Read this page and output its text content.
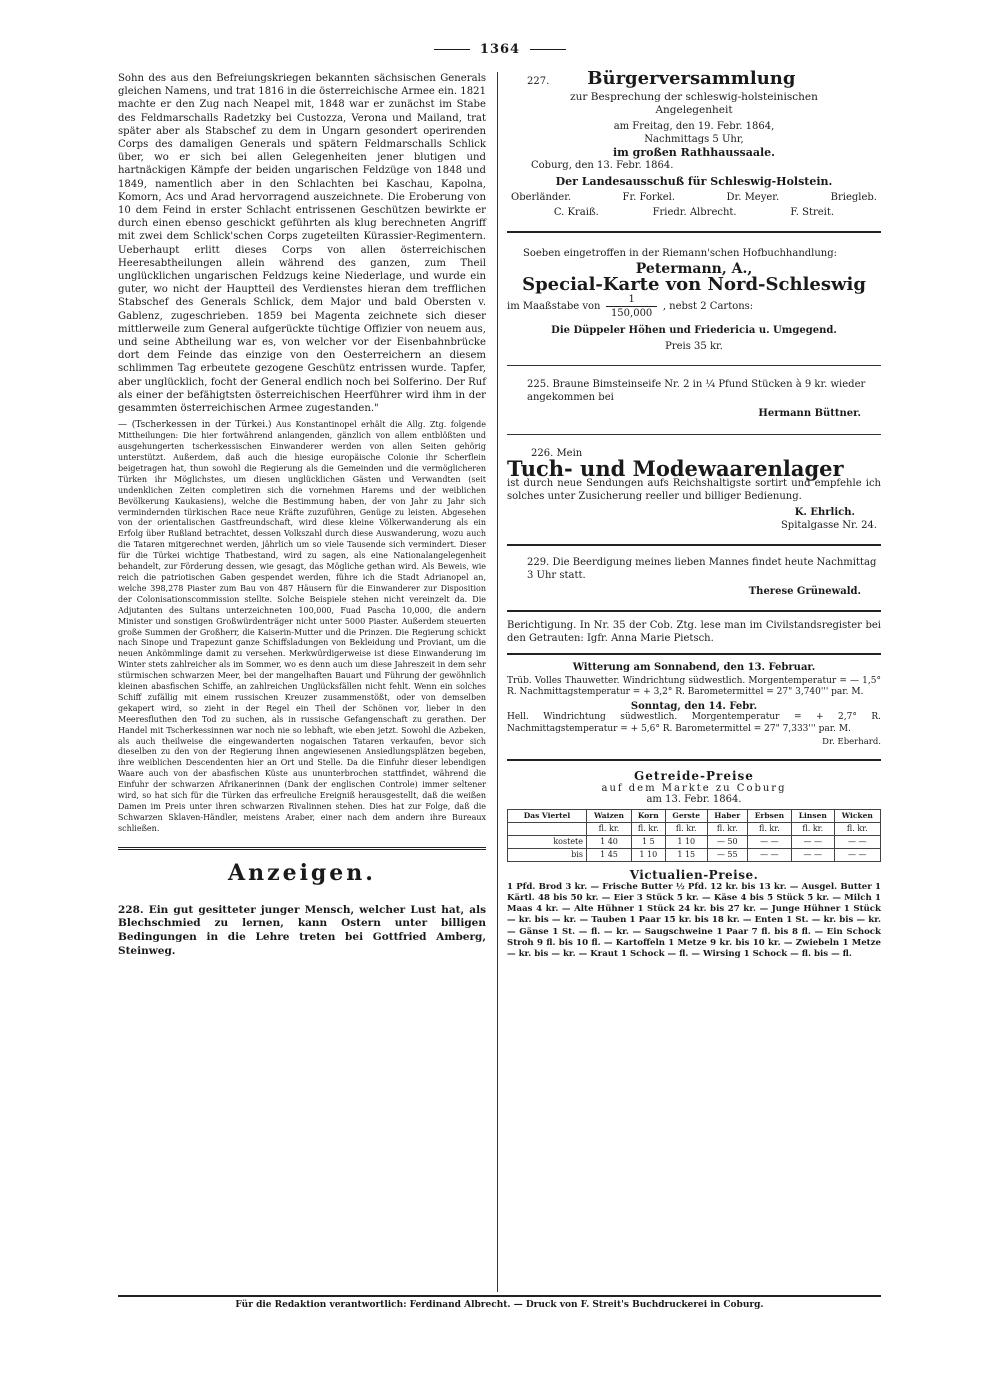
1364

Sohn des aus den Befreiungskriegen bekannten sächsischen Generals gleichen Namens, und trat 1816 in die österreichische Armee ein. 1821 machte er den Zug nach Neapel mit, 1848 war er zunächst im Stabe des Feldmarschalls Radetzky bei Custozza, Verona und Mailand, trat später aber als Stabschef zu dem in Ungarn gesondert operirenden Corps des damaligen Generals und spätern Feldmarschalls Schlick über, wo er sich bei allen Gelegenheiten jener blutigen und hartnäckigen Kämpfe der beiden ungarischen Feldzüge von 1848 und 1849, namentlich aber in den Schlachten bei Kaschau, Kapolna, Komorn, Acs und Arad hervorragend auszeichnete. Die Eroberung von 10 dem Feind in erster Schlacht entrissenen Geschützen bewirkte er durch einen ebenso geschickt geführten als klug berechneten Angriff mit zwei dem Schlick'schen Corps zugeteilten Kürassier-Regimentern. Ueberhaupt erlitt dieses Corps von allen österreichischen Heeresabtheilungen allein während des ganzen, zum Theil unglücklichen ungarischen Feldzugs keine Niederlage, und wurde ein guter, wo nicht der Hauptteil des Verdienstes hieran dem trefflichen Stabschef des Generals Schlick, dem Major und bald Obersten v. Gablenz, zugeschrieben. 1859 bei Magenta zeichnete sich dieser mittlerweile zum General aufgerückte tüchtige Offizier von neuem aus, und seine Abtheilung war es, von welcher vor der Eisenbahnbrücke dort dem Feinde das einzige von den Oesterreichern an diesem schlimmen Tag erbeutete gezogene Geschütz entrissen wurde. Tapfer, aber unglücklich, focht der General endlich noch bei Solferino. Der Ruf als einer der befähigtsten österreichischen Heerführer wird ihm in der gesammten österreichischen Armee zugestanden."

— (Tscherkessen in der Türkei.) Aus Konstantinopel erhält die Allg. Ztg. folgende Mittheilungen: Die hier fortwährend anlangenden, gänzlich von allem entblößten und ausgehungerten tscherkessischen Einwanderer werden von allen Seiten gehörig unterstützt. Außerdem, daß auch die hiesige europäische Colonie ihr Scherflein beigetragen hat, thun sowohl die Regierung als die Gemeinden und die vermöglicheren Türken ihr Möglichstes, um diesen unglücklichen Gästen und Verwandten (seit undenklichen Zeiten completiren sich die vornehmen Harems und der weiblichen Bevölkerung Kaukasiens), welche die Bestimmung haben, der von Jahr zu Jahr sich vermindernden türkischen Race neue Kräfte zuzuführen, Genüge zu leisten. Abgesehen von der orientalischen Gastfreundschaft, wird diese kleine Völkerwanderung als ein Erfolg über Rußland betrachtet, dessen Volkszahl durch diese Auswanderung, wozu auch die Tataren mitgerechnet werden, jährlich um so viele Tausende sich vermindert. Dieser für die Türkei wichtige Thatbestand, wird zu sagen, als eine Nationalangelegenheit behandelt, zur Förderung dessen, wie gesagt, das Mögliche gethan wird. Als Beweis, wie reich die patriotischen Gaben gespendet werden, führe ich die Stadt Adrianopel an, welche 398,278 Piaster zum Bau von 487 Häusern für die Einwanderer zur Disposition der Colonisationscommission stellte. Solche Beispiele stehen nicht vereinzelt da. Die Adjutanten des Sultans unterzeichneten 100,000, Fuad Pascha 10,000, die andern Minister und sonstigen Großwürdenträger nicht unter 5000 Piaster. Außerdem steuerten große Summen der Großherr, die Kaiserin-Mutter und die Prinzen. Die Regierung schickt nach Sinope und Trapezunt ganze Schiffsladungen von Bekleidung und Proviant, um die neuen Ankömmlinge damit zu versehen. Merkwürdigerweise ist diese Einwanderung im Winter stets zahlreicher als im Sommer, wo es denn auch um diese Jahreszeit in dem sehr stürmischen schwarzen Meer, bei der mangelhaften Bauart und Führung der gewöhnlich kleinen abasfischen Schiffe, an zahlreichen Unglücksfällen nicht fehlt. Wenn ein solches Schiff zufällig mit einem russischen Kreuzer zusammenstößt, oder von demselben gekapert wird, so zieht in der Regel ein Theil der Schönen vor, lieber in den Meeresfluthen den Tod zu suchen, als in russische Gefangenschaft zu gerathen. Der Handel mit Tscherkessinnen war noch nie so lebhaft, wie eben jetzt. Sowohl die Azbeken, als auch theilweise die eingewanderten nogaischen Tataren verkaufen, bevor sich dieselben zu den von der Regierung ihnen angewiesenen Ansiedlungsplätzen begeben, ihre weiblichen Descendenten hier an Ort und Stelle. Da die Einfuhr dieser lebendigen Waare auch von der abasfischen Küste aus ununterbrochen stattfindet, während die Einfuhr der schwarzen Afrikanerinnen (Dank der englischen Controle) immer seltener wird, so hat sich für die Türken das erfreuliche Ereigniß herausgestellt, daß die weißen Damen im Preis unter ihren schwarzen Rivalinnen stehen. Dies hat zur Folge, daß die Schwarzen Sklaven-Händler, meistens Araber, einer nach dem andern ihre Bureaux schließen.

Anzeigen.

228. Ein gut gesitteter junger Mensch, welcher Lust hat, als Blechschmied zu lernen, kann Ostern unter billigen Bedingungen in die Lehre treten bei Gottfried Amberg, Steinweg.

227. Bürgerversammlung
zur Besprechung der schleswig-holsteinischen Angelegenheit
am Freitag, den 19. Febr. 1864,
Nachmittags 5 Uhr,
im großen Rathhaussaale.
Coburg, den 13. Febr. 1864.
Der Landesausschuß für Schleswig-Holstein.
Oberländer.	Fr. Forkel.	Dr. Meyer.	Briegleb.
C. Kraiß.	Friedr. Albrecht.	F. Streit.
Soeben eingetroffen in der Riemann'schen Hofbuchhandlung:
Petermann, A.,
Special-Karte von Nord-Schleswig
im Maaßstabe von $\frac{1}{150,000}$ , nebst 2 Cartons:
Die Düppeler Höhen und Friedericia u. Umgegend.
Preis 35 kr.
225. Braune Bimsteinseife Nr. 2 in ¼ Pfund Stücken à 9 kr. wieder angekommen bei
Hermann Büttner.
226. Mein
Tuch- und Modewaarenlager
ist durch neue Sendungen aufs Reichshaltigste sortirt und empfehle ich solches unter Zusicherung reeller und billiger Bedienung.
K. Ehrlich.
Spitalgasse Nr. 24.
229. Die Beerdigung meines lieben Mannes findet heute Nachmittag 3 Uhr statt.
Therese Grünewald.
Berichtigung. In Nr. 35 der Cob. Ztg. lese man im Civilstandsregister bei den Getrauten: Igfr. Anna Marie Pietsch.
Witterung am Sonnabend, den 13. Februar.
Trüb. Volles Thauwetter. Windrichtung südwestlich. Morgentemperatur = — 1,5° R. Nachmittagstemperatur = + 3,2° R. Barometermittel = 27" 3,740''' par. M.
Sonntag, den 14. Febr.
Hell. Windrichtung südwestlich. Morgentemperatur = + 2,7° R. Nachmittagstemperatur = + 5,6° R. Barometermittel = 27" 7,333''' par. M.
Dr. Eberhard.
Getreide-Preise
auf dem Markte zu Coburg
am 13. Febr. 1864.
Das Viertel	Waizen	Korn	Gerste	Haber	Erbsen	Linsen	Wicken
	fl. kr.	fl. kr.	fl. kr.	fl. kr.	fl. kr.	fl. kr.	fl. kr.
kostete	1 40	1 5	1 10	— 50	— —	— —	— —
bis	1 45	1 10	1 15	— 55	— —	— —	— —
Victualien-Preise.
1 Pfd. Brod 3 kr. — Frische Butter ½ Pfd. 12 kr. bis 13 kr. — Ausgel. Butter 1 Kärtl. 48 bis 50 kr. — Eier 3 Stück 5 kr. — Käse 4 bis 5 Stück 5 kr. — Milch 1 Maas 4 kr. — Alte Hühner 1 Stück 24 kr. bis 27 kr. — Junge Hühner 1 Stück — kr. bis — kr. — Tauben 1 Paar 15 kr. bis 18 kr. — Enten 1 St. — kr. bis — kr. — Gänse 1 St. — fl. — kr. — Saugschweine 1 Paar 7 fl. bis 8 fl. — Ein Schock Stroh 9 fl. bis 10 fl. — Kartoffeln 1 Metze 9 kr. bis 10 kr. — Zwiebeln 1 Metze — kr. bis — kr. — Kraut 1 Schock — fl. — Wirsing 1 Schock — fl. bis — fl.
Für die Redaktion verantwortlich: Ferdinand Albrecht. — Druck von F. Streit's Buchdruckerei in Coburg.
